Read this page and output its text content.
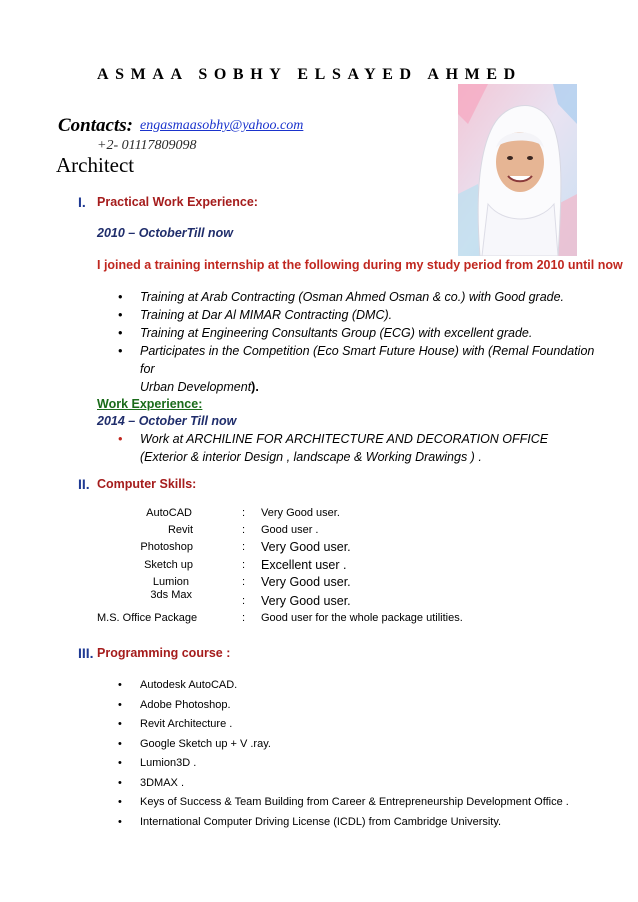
ASMAA SOBHY ELSAYED AHMED
Contacts: engasmaasobhy@yahoo.com
+2- 01117809098
Architect
I. Practical Work Experience:
2010 – OctoberTill now
I joined a training internship at the following during my study period from 2010 until now
• Training at Arab Contracting (Osman Ahmed Osman & co.) with Good grade.
• Training at Dar Al MIMAR Contracting (DMC).
• Training at Engineering Consultants Group (ECG) with excellent grade.
• Participates in the Competition (Eco Smart Future House) with (Remal Foundation for
Urban Development).
Work Experience:
2014 – October Till now
• Work at ARCHILINE FOR ARCHITECTURE AND DECORATION OFFICE
(Exterior & interior Design , landscape & Working Drawings ) .
II. Computer Skills:
AutoCAD	: Very Good user.
Revit	: Good user .
Photoshop	: Very Good user.
Sketch up	: Excellent user .
Lumion	: Very Good user.
3ds Max	: Very Good user.
M.S. Office Package	: Good user for the whole package utilities.
III. Programming course :
• Autodesk AutoCAD.
• Adobe Photoshop.
• Revit Architecture .
• Google Sketch up + V .ray.
• Lumion3D .
• 3DMAX .
• Keys of Success & Team Building from Career & Entrepreneurship Development Office .
• International Computer Driving License (ICDL) from Cambridge University.
